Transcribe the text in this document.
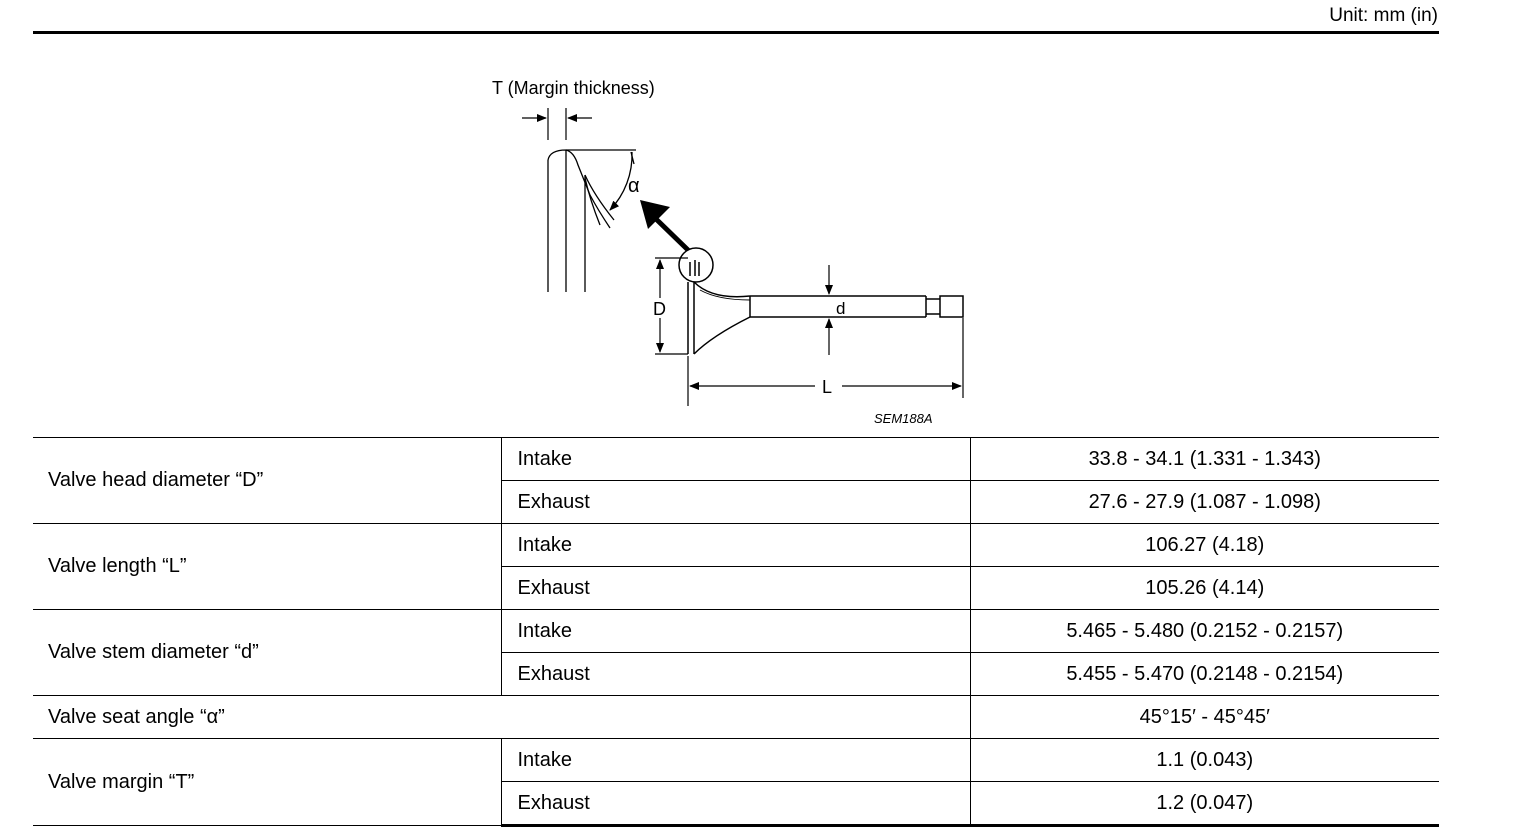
Unit: mm (in)
T (Margin thickness)
α
D	d
L
SEM188A
Valve head diameter “D”	Intake	33.8 - 34.1 (1.331 - 1.343)
	Exhaust	27.6 - 27.9 (1.087 - 1.098)
Valve length “L”	Intake	106.27 (4.18)
	Exhaust	105.26 (4.14)
Valve stem diameter “d”	Intake	5.465 - 5.480 (0.2152 - 0.2157)
	Exhaust	5.455 - 5.470 (0.2148 - 0.2154)
Valve seat angle “α”		45°15′ - 45°45′
Valve margin “T”	Intake	1.1 (0.043)
	Exhaust	1.2 (0.047)
